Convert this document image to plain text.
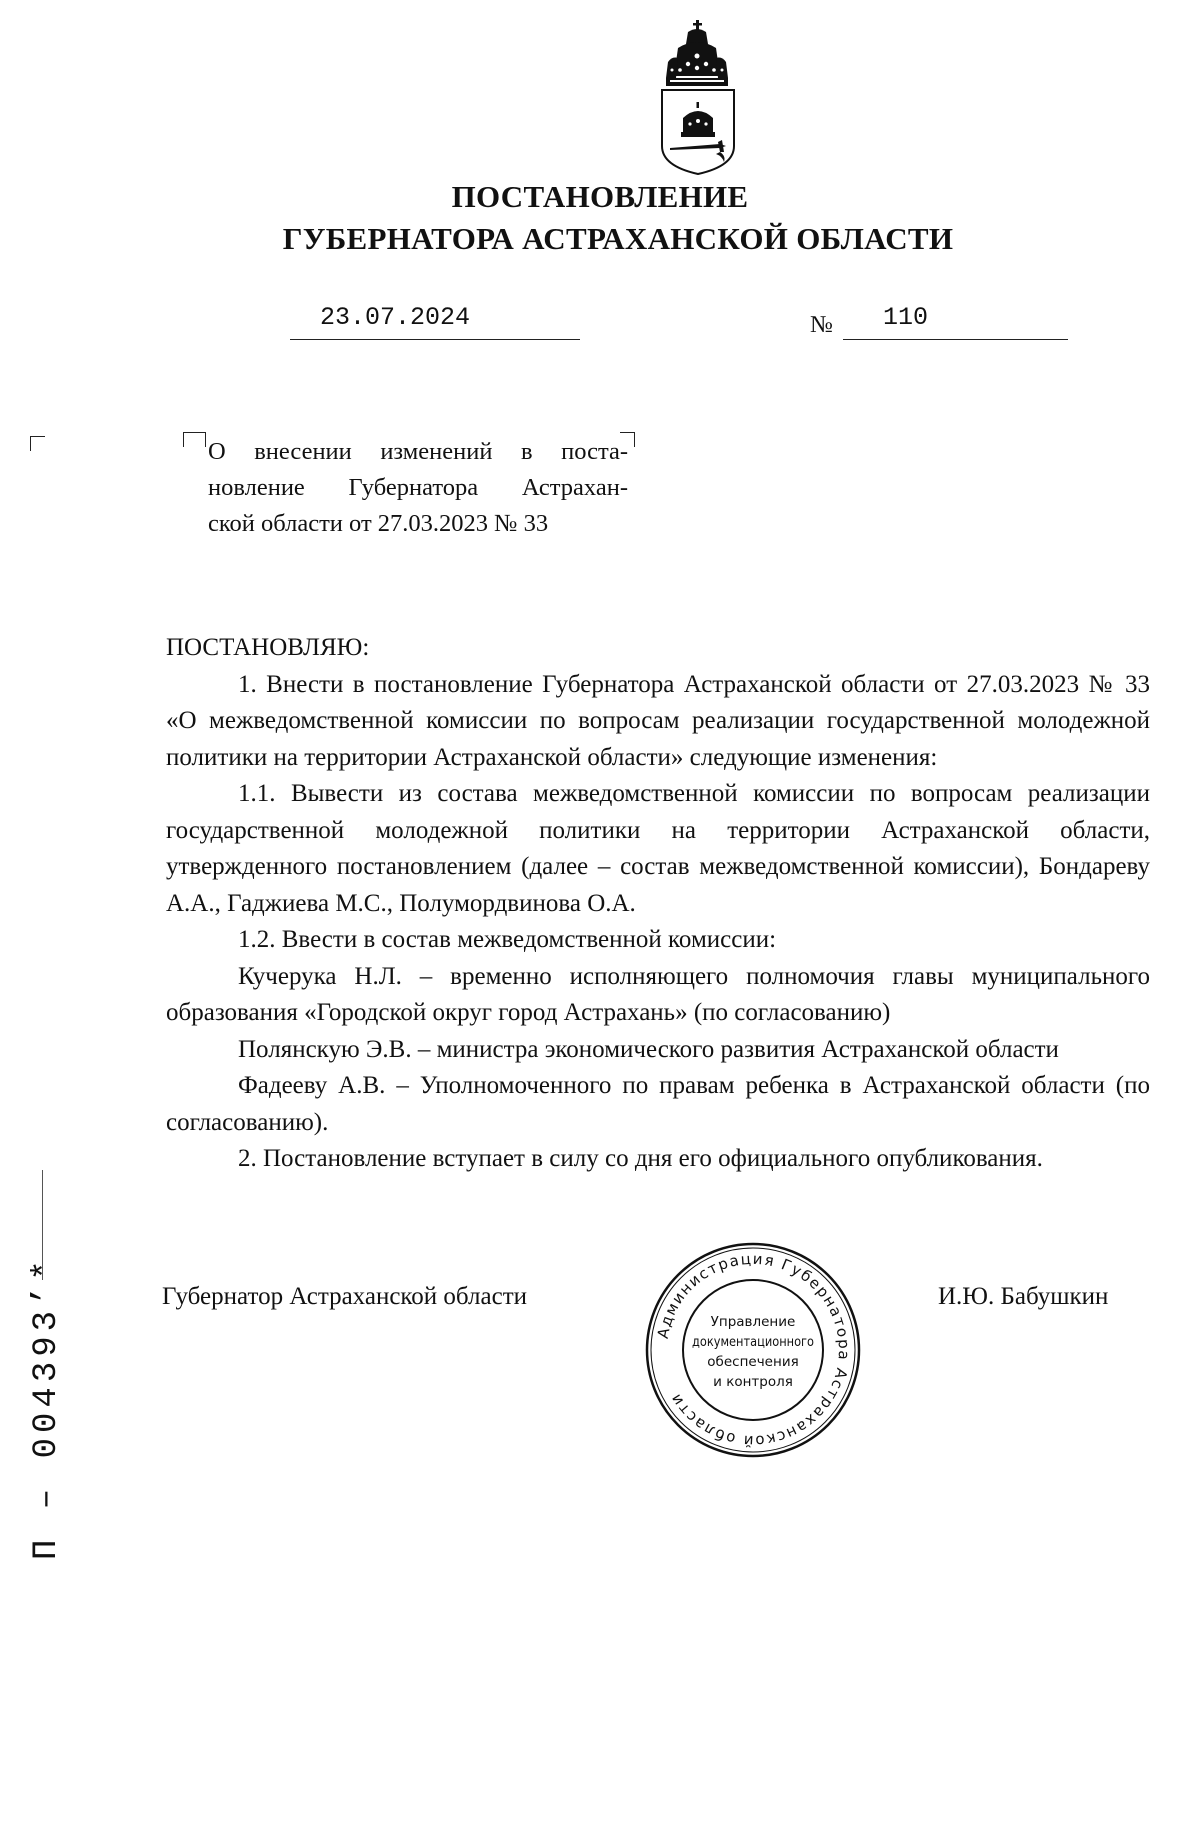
ПОСТАНОВЛЕНИЕ
ГУБЕРНАТОРА АСТРАХАНСКОЙ ОБЛАСТИ
23.07.2024	№ 110
О внесении изменений в поста-
новление Губернатора Астрахан-
ской области от 27.03.2023 № 33

ПОСТАНОВЛЯЮ:

1. Внести в постановление Губернатора Астраханской области от 27.03.2023 № 33 «О межведомственной комиссии по вопросам реализации государственной молодежной политики на территории Астраханской области» следующие изменения:

1.1. Вывести из состава межведомственной комиссии по вопросам реализации государственной молодежной политики на территории Астраханской области, утвержденного постановлением (далее – состав межведомственной комиссии), Бондареву А.А., Гаджиева М.С., Полумордвинова О.А.

1.2. Ввести в состав межведомственной комиссии:

Кучерука Н.Л. – временно исполняющего полномочия главы муниципального образования «Городской округ город Астрахань» (по согласованию)

Полянскую Э.В. – министра экономического развития Астраханской области

Фадееву А.В. – Уполномоченного по правам ребенка в Астраханской области (по согласованию).

2. Постановление вступает в силу со дня его официального опубликования.

Губернатор Астраханской области	И.Ю. Бабушкин
Администрация Губернатора Астраханской области
Управление
документационного
обеспечения
и контроля
П – 004393’*
